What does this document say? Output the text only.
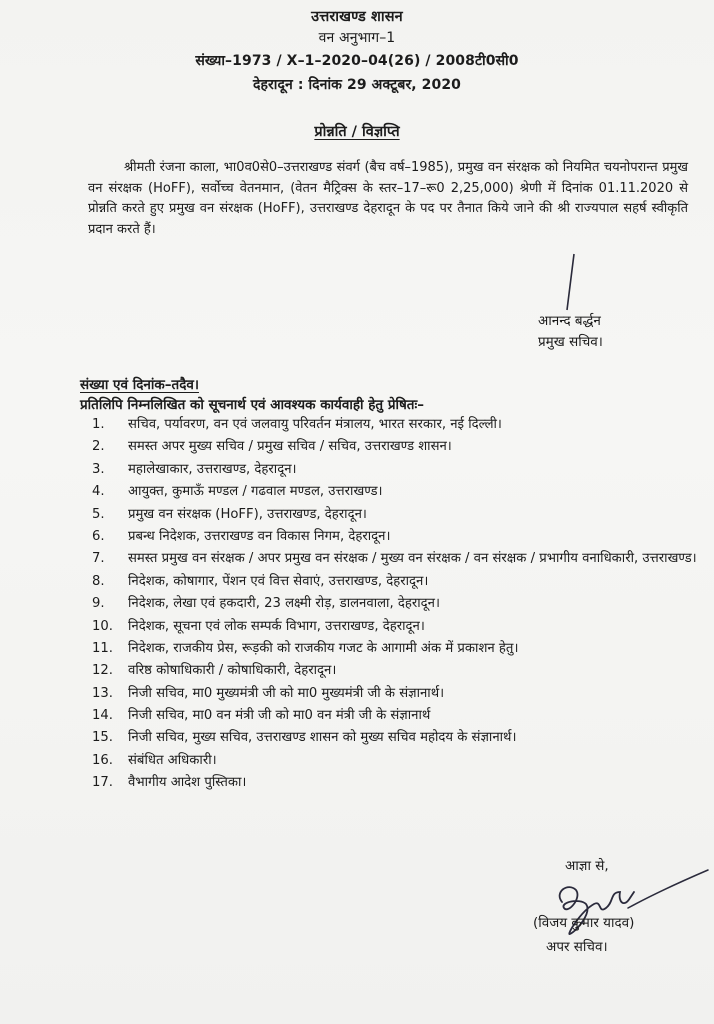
उत्तराखण्ड शासन
वन अनुभाग–1
संख्या–1973 / X–1–2020–04(26) / 2008टी0सी0
देहरादून : दिनांक 29 अक्टूबर, 2020
प्रोन्नति / विज्ञप्ति
श्रीमती रंजना काला, भा0व0से0–उत्तराखण्ड संवर्ग (बैच वर्ष–1985), प्रमुख वन संरक्षक को नियमित चयनोपरान्त प्रमुख वन संरक्षक (HoFF), सर्वोच्च वेतनमान, (वेतन मैट्रिक्स के स्तर–17–रू0 2,25,000) श्रेणी में दिनांक 01.11.2020 से प्रोन्नति करते हुए प्रमुख वन संरक्षक (HoFF), उत्तराखण्ड देहरादून के पद पर तैनात किये जाने की श्री राज्यपाल सहर्ष स्वीकृति प्रदान करते हैं।
आनन्द बर्द्धन
प्रमुख सचिव।
संख्या एवं दिनांक–तदैव।
प्रतिलिपि निम्नलिखित को सूचनार्थ एवं आवश्यक कार्यवाही हेतु प्रेषितः–
1.	सचिव, पर्यावरण, वन एवं जलवायु परिवर्तन मंत्रालय, भारत सरकार, नई दिल्ली।
2.	समस्त अपर मुख्य सचिव / प्रमुख सचिव / सचिव, उत्तराखण्ड शासन।
3.	महालेखाकार, उत्तराखण्ड, देहरादून।
4.	आयुक्त, कुमाऊँ मण्डल / गढवाल मण्डल, उत्तराखण्ड।
5.	प्रमुख वन संरक्षक (HoFF), उत्तराखण्ड, देहरादून।
6.	प्रबन्ध निदेशक, उत्तराखण्ड वन विकास निगम, देहरादून।
7.	समस्त प्रमुख वन संरक्षक / अपर प्रमुख वन संरक्षक / मुख्य वन संरक्षक / वन संरक्षक / प्रभागीय वनाधिकारी, उत्तराखण्ड।
8.	निदेशक, कोषागार, पेंशन एवं वित्त सेवाएं, उत्तराखण्ड, देहरादून।
9.	निदेशक, लेखा एवं हकदारी, 23 लक्ष्मी रोड़, डालनवाला, देहरादून।
10.	निदेशक, सूचना एवं लोक सम्पर्क विभाग, उत्तराखण्ड, देहरादून।
11.	निदेशक, राजकीय प्रेस, रूड़की को राजकीय गजट के आगामी अंक में प्रकाशन हेतु।
12.	वरिष्ठ कोषाधिकारी / कोषाधिकारी, देहरादून।
13.	निजी सचिव, मा0 मुख्यमंत्री जी को मा0 मुख्यमंत्री जी के संज्ञानार्थ।
14.	निजी सचिव, मा0 वन मंत्री जी को मा0 वन मंत्री जी के संज्ञानार्थ
15.	निजी सचिव, मुख्य सचिव, उत्तराखण्ड शासन को मुख्य सचिव महोदय के संज्ञानार्थ।
16.	संबंधित अधिकारी।
17.	वैभागीय आदेश पुस्तिका।
आज्ञा से,
(विजय कुमार यादव)
अपर सचिव।
